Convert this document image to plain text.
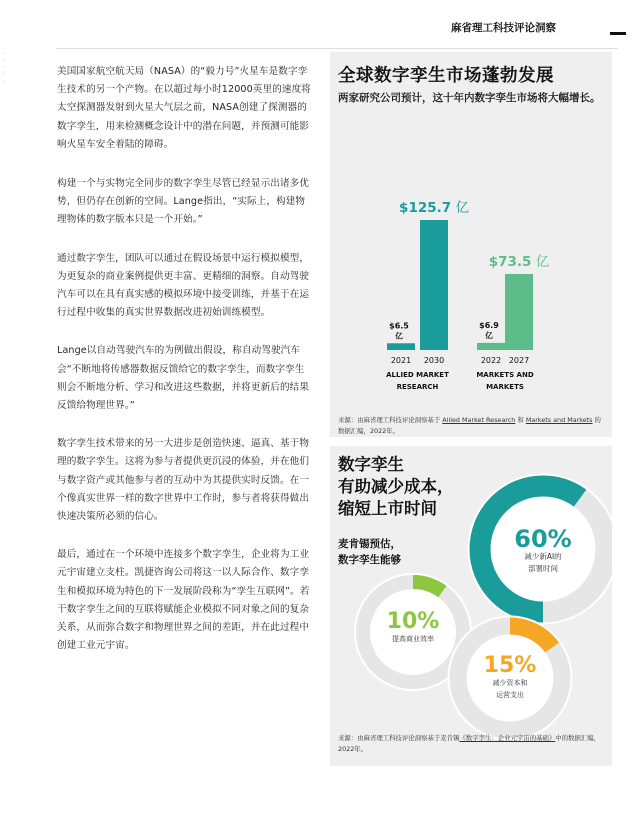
麻省理工科技评论洞察
·
·
·
·
·

美国国家航空航天局（NASA）的“毅力号”火星车是数字孪生技术的另一个产物。在以超过每小时12000英里的速度将太空探测器发射到火星大气层之前，NASA创建了探测器的数字孪生，用来检测概念设计中的潜在问题，并预测可能影响火星车安全着陆的障碍。

构建一个与实物完全同步的数字孪生尽管已经显示出诸多优势，但仍存在创新的空间。Lange指出，“实际上，构建物理物体的数字版本只是一个开始。”

通过数字孪生，团队可以通过在假设场景中运行模拟模型，为更复杂的商业案例提供更丰富、更精细的洞察。自动驾驶汽车可以在具有真实感的模拟环境中接受训练，并基于在运行过程中收集的真实世界数据改进初始训练模型。

Lange以自动驾驶汽车的为例做出假设，称自动驾驶汽车会“不断地将传感器数据反馈给它的数字孪生，而数字孪生则会不断地分析、学习和改进这些数据，并将更新后的结果反馈给物理世界。”

数字孪生技术带来的另一大进步是创造快速、逼真、基于物理的数字孪生。这将为参与者提供更沉浸的体验，并在他们与数字资产或其他参与者的互动中为其提供实时反馈。在一个像真实世界一样的数字世界中工作时，参与者将获得做出快速决策所必须的信心。

最后，通过在一个环境中连接多个数字孪生，企业将为工业元宇宙建立支柱。凯捷咨询公司将这一以人际合作、数字孪生和模拟环境为特色的下一发展阶段称为“孪生互联网”。若干数字孪生之间的互联将赋能企业模拟不同对象之间的复杂关系，从而弥合数字和物理世界之间的差距，并在此过程中创建工业元宇宙。

全球数字孪生市场蓬勃发展
两家研究公司预计，这十年内数字孪生市场将大幅增长。
$6.5
亿
2021
$125.7 亿
2030
ALLIED MARKET
RESEARCH
$6.9
亿
2022
$73.5 亿
2027
MARKETS AND
MARKETS
来源：由麻省理工科技评论洞察基于 Allied Market Research 和 Markets and Markets 的数据汇编，2022年。
数字孪生
有助减少成本，
缩短上市时间
麦肯锡预估，
数字孪生能够
60%
减少新AI的
部署时间
10%
提高商业效率
15%
减少资本和
运营支出
来源：由麻省理工科技评论洞察基于麦肯锡《数字孪生：企业元宇宙的基础》中的数据汇编，2022年。
